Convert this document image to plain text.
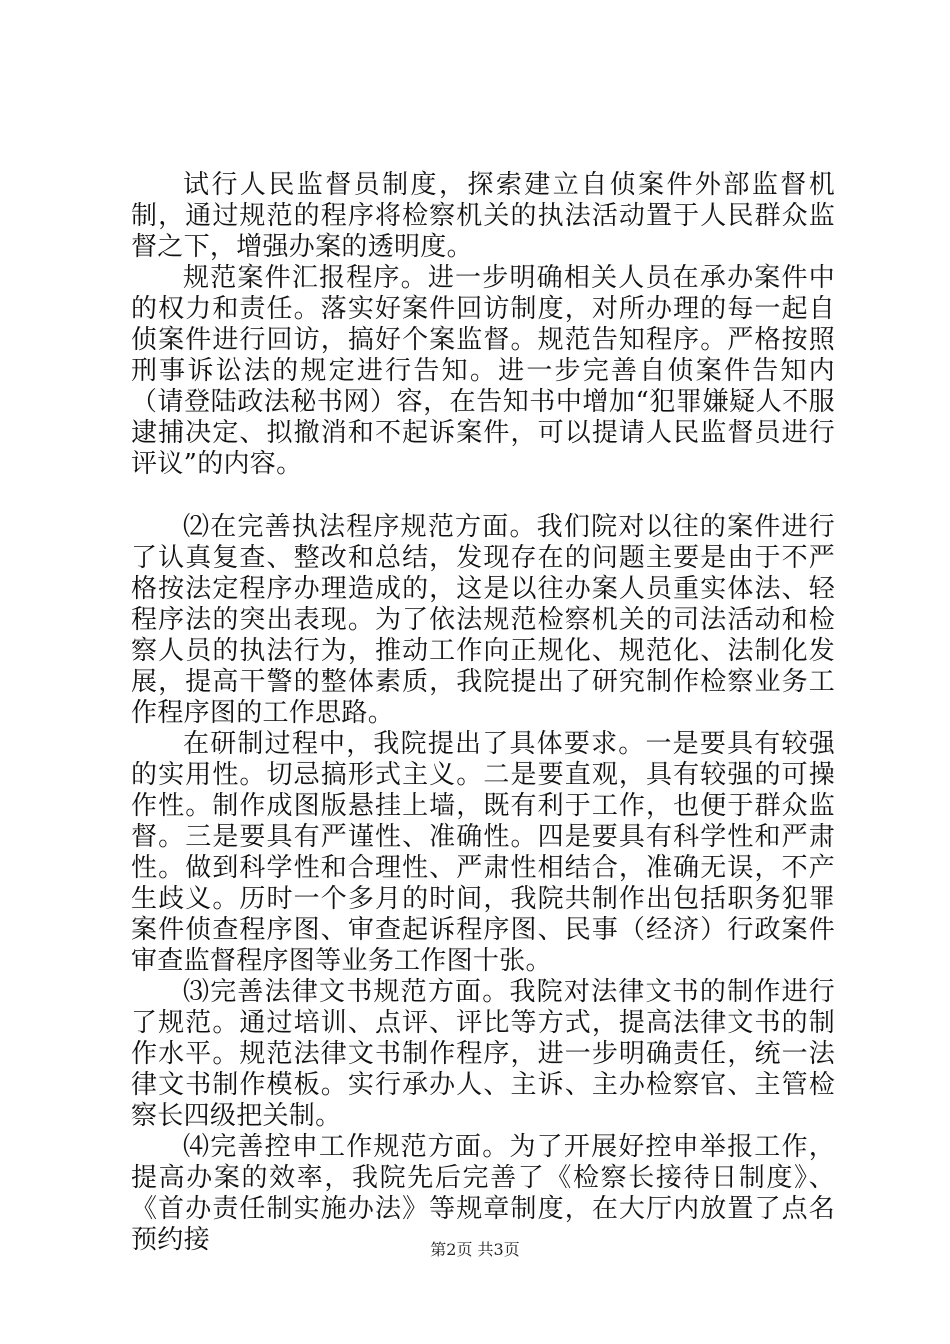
试行人民监督员制度，探索建立自侦案件外部监督机制，通过规范的程序将检察机关的执法活动置于人民群众监督之下，增强办案的透明度。

规范案件汇报程序。进一步明确相关人员在承办案件中的权力和责任。落实好案件回访制度，对所办理的每一起自侦案件进行回访，搞好个案监督。规范告知程序。严格按照刑事诉讼法的规定进行告知。进一步完善自侦案件告知内（请登陆政法秘书网）容，在告知书中增加“犯罪嫌疑人不服逮捕决定、拟撤消和不起诉案件，可以提请人民监督员进行评议”的内容。

⑵在完善执法程序规范方面。我们院对以往的案件进行了认真复查、整改和总结，发现存在的问题主要是由于不严格按法定程序办理造成的，这是以往办案人员重实体法、轻程序法的突出表现。为了依法规范检察机关的司法活动和检察人员的执法行为，推动工作向正规化、规范化、法制化发展，提高干警的整体素质，我院提出了研究制作检察业务工作程序图的工作思路。

在研制过程中，我院提出了具体要求。一是要具有较强的实用性。切忌搞形式主义。二是要直观，具有较强的可操作性。制作成图版悬挂上墙，既有利于工作，也便于群众监督。三是要具有严谨性、准确性。四是要具有科学性和严肃性。做到科学性和合理性、严肃性相结合，准确无误，不产生歧义。历时一个多月的时间，我院共制作出包括职务犯罪案件侦查程序图、审查起诉程序图、民事（经济）行政案件审查监督程序图等业务工作图十张。

⑶完善法律文书规范方面。我院对法律文书的制作进行了规范。通过培训、点评、评比等方式，提高法律文书的制作水平。规范法律文书制作程序，进一步明确责任，统一法律文书制作模板。实行承办人、主诉、主办检察官、主管检察长四级把关制。

⑷完善控申工作规范方面。为了开展好控申举报工作，提高办案的效率，我院先后完善了《检察长接待日制度》、《首办责任制实施办法》等规章制度，在大厅内放置了点名预约接	第2页 共3页
